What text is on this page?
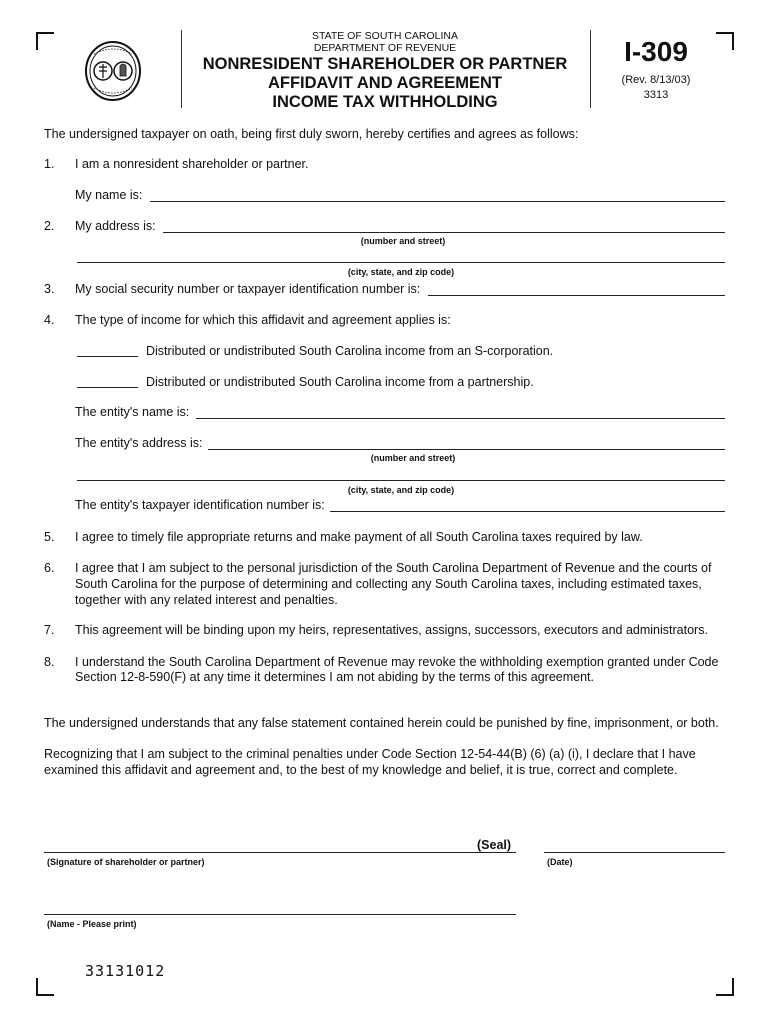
STATE OF SOUTH CAROLINA
DEPARTMENT OF REVENUE
NONRESIDENT SHAREHOLDER OR PARTNER
AFFIDAVIT AND AGREEMENT
INCOME TAX WITHHOLDING
I-309
(Rev. 8/13/03)
3313
The undersigned taxpayer on oath, being first duly sworn, hereby certifies and agrees as follows:
1. I am a nonresident shareholder or partner.
My name is:
2. My address is:
(number and street)
(city, state, and zip code)
3. My social security number or taxpayer identification number is:
4. The type of income for which this affidavit and agreement applies is:
Distributed or undistributed South Carolina income from an S-corporation.
Distributed or undistributed South Carolina income from a partnership.
The entity's name is:
The entity's address is:
(number and street)
(city, state, and zip code)
The entity's taxpayer identification number is:
5. I agree to timely file appropriate returns and make payment of all South Carolina taxes required by law.
6. I agree that I am subject to the personal jurisdiction of the South Carolina Department of Revenue and the courts of
South Carolina for the purpose of determining and collecting any South Carolina taxes, including estimated taxes,
together with any related interest and penalties.
7. This agreement will be binding upon my heirs, representatives, assigns, successors, executors and administrators.
8. I understand the South Carolina Department of Revenue may revoke the withholding exemption granted under Code
Section 12-8-590(F) at any time it determines I am not abiding by the terms of this agreement.
The undersigned understands that any false statement contained herein could be punished by fine, imprisonment, or both.
Recognizing that I am subject to the criminal penalties under Code Section 12-54-44(B) (6) (a) (i), I declare that I have
examined this affidavit and agreement and, to the best of my knowledge and belief, it is true, correct and complete.
(Seal)
(Signature of shareholder or partner)	(Date)
(Name - Please print)
33131012
